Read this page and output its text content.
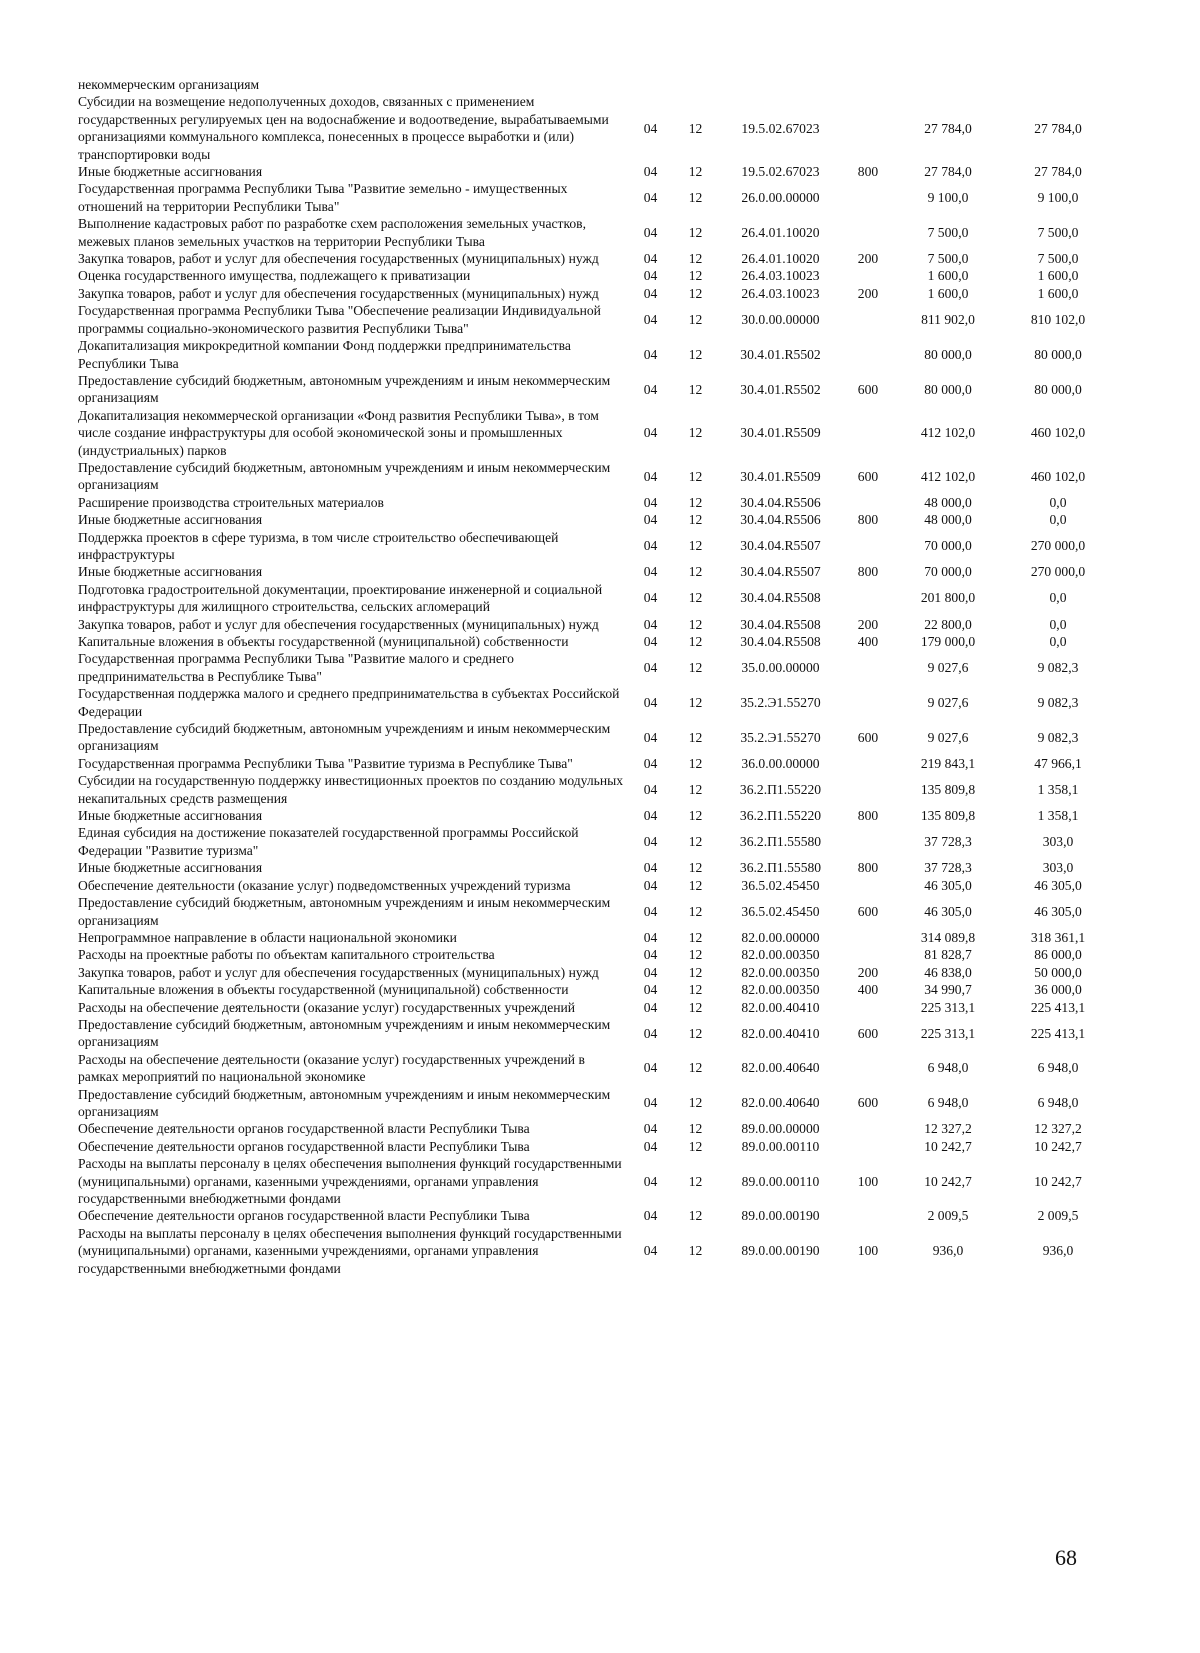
некоммерческим организациям						
Субсидии на возмещение недополученных доходов, связанных с применением государственных регулируемых цен на водоснабжение и водоотведение, вырабатываемыми организациями коммунального комплекса, понесенных в процессе выработки и (или) транспортировки воды	04	12	19.5.02.67023		27 784,0	27 784,0
Иные бюджетные ассигнования	04	12	19.5.02.67023	800	27 784,0	27 784,0
Государственная программа Республики Тыва "Развитие земельно - имущественных отношений на территории Республики Тыва"	04	12	26.0.00.00000		9 100,0	9 100,0
Выполнение кадастровых работ по разработке схем расположения земельных участков, межевых планов земельных участков на территории Республики Тыва	04	12	26.4.01.10020		7 500,0	7 500,0
Закупка товаров, работ и услуг для обеспечения государственных (муниципальных) нужд	04	12	26.4.01.10020	200	7 500,0	7 500,0
Оценка государственного имущества, подлежащего к приватизации	04	12	26.4.03.10023		1 600,0	1 600,0
Закупка товаров, работ и услуг для обеспечения государственных (муниципальных) нужд	04	12	26.4.03.10023	200	1 600,0	1 600,0
Государственная программа Республики Тыва "Обеспечение реализации Индивидуальной программы социально-экономического развития Республики Тыва"	04	12	30.0.00.00000		811 902,0	810 102,0
Докапитализация микрокредитной компании Фонд поддержки предпринимательства Республики Тыва	04	12	30.4.01.R5502		80 000,0	80 000,0
Предоставление субсидий бюджетным, автономным учреждениям и иным некоммерческим организациям	04	12	30.4.01.R5502	600	80 000,0	80 000,0
Докапитализация некоммерческой организации «Фонд развития Республики Тыва», в том числе создание инфраструктуры для особой экономической зоны и промышленных (индустриальных) парков	04	12	30.4.01.R5509		412 102,0	460 102,0
Предоставление субсидий бюджетным, автономным учреждениям и иным некоммерческим организациям	04	12	30.4.01.R5509	600	412 102,0	460 102,0
Расширение производства строительных материалов	04	12	30.4.04.R5506		48 000,0	0,0
Иные бюджетные ассигнования	04	12	30.4.04.R5506	800	48 000,0	0,0
Поддержка проектов в сфере туризма, в том числе строительство обеспечивающей инфраструктуры	04	12	30.4.04.R5507		70 000,0	270 000,0
Иные бюджетные ассигнования	04	12	30.4.04.R5507	800	70 000,0	270 000,0
Подготовка градостроительной документации, проектирование инженерной и социальной инфраструктуры для жилищного строительства, сельских агломераций	04	12	30.4.04.R5508		201 800,0	0,0
Закупка товаров, работ и услуг для обеспечения государственных (муниципальных) нужд	04	12	30.4.04.R5508	200	22 800,0	0,0
Капитальные вложения в объекты государственной (муниципальной) собственности	04	12	30.4.04.R5508	400	179 000,0	0,0
Государственная программа Республики Тыва "Развитие малого и среднего предпринимательства в Республике Тыва"	04	12	35.0.00.00000		9 027,6	9 082,3
Государственная поддержка малого и среднего предпринимательства в субъектах Российской Федерации	04	12	35.2.Э1.55270		9 027,6	9 082,3
Предоставление субсидий бюджетным, автономным учреждениям и иным некоммерческим организациям	04	12	35.2.Э1.55270	600	9 027,6	9 082,3
Государственная программа Республики Тыва "Развитие туризма в Республике Тыва"	04	12	36.0.00.00000		219 843,1	47 966,1
Субсидии на государственную поддержку инвестиционных проектов по созданию модульных некапитальных средств размещения	04	12	36.2.П1.55220		135 809,8	1 358,1
Иные бюджетные ассигнования	04	12	36.2.П1.55220	800	135 809,8	1 358,1
Единая субсидия на достижение показателей государственной программы Российской Федерации "Развитие туризма"	04	12	36.2.П1.55580		37 728,3	303,0
Иные бюджетные ассигнования	04	12	36.2.П1.55580	800	37 728,3	303,0
Обеспечение деятельности (оказание услуг) подведомственных учреждений туризма	04	12	36.5.02.45450		46 305,0	46 305,0
Предоставление субсидий бюджетным, автономным учреждениям и иным некоммерческим организациям	04	12	36.5.02.45450	600	46 305,0	46 305,0
Непрограммное направление в области национальной экономики	04	12	82.0.00.00000		314 089,8	318 361,1
Расходы на проектные работы по объектам капитального строительства	04	12	82.0.00.00350		81 828,7	86 000,0
Закупка товаров, работ и услуг для обеспечения государственных (муниципальных) нужд	04	12	82.0.00.00350	200	46 838,0	50 000,0
Капитальные вложения в объекты государственной (муниципальной) собственности	04	12	82.0.00.00350	400	34 990,7	36 000,0
Расходы на обеспечение деятельности (оказание услуг) государственных учреждений	04	12	82.0.00.40410		225 313,1	225 413,1
Предоставление субсидий бюджетным, автономным учреждениям и иным некоммерческим организациям	04	12	82.0.00.40410	600	225 313,1	225 413,1
Расходы на обеспечение деятельности (оказание услуг) государственных учреждений в рамках мероприятий по национальной экономике	04	12	82.0.00.40640		6 948,0	6 948,0
Предоставление субсидий бюджетным, автономным учреждениям и иным некоммерческим организациям	04	12	82.0.00.40640	600	6 948,0	6 948,0
Обеспечение деятельности органов государственной власти Республики Тыва	04	12	89.0.00.00000		12 327,2	12 327,2
Обеспечение деятельности органов государственной власти Республики Тыва	04	12	89.0.00.00110		10 242,7	10 242,7
Расходы на выплаты персоналу в целях обеспечения выполнения функций государственными (муниципальными) органами, казенными учреждениями, органами управления государственными внебюджетными фондами	04	12	89.0.00.00110	100	10 242,7	10 242,7
Обеспечение деятельности органов государственной власти Республики Тыва	04	12	89.0.00.00190		2 009,5	2 009,5
Расходы на выплаты персоналу в целях обеспечения выполнения функций государственными (муниципальными) органами, казенными учреждениями, органами управления государственными внебюджетными фондами	04	12	89.0.00.00190	100	936,0	936,0
68
